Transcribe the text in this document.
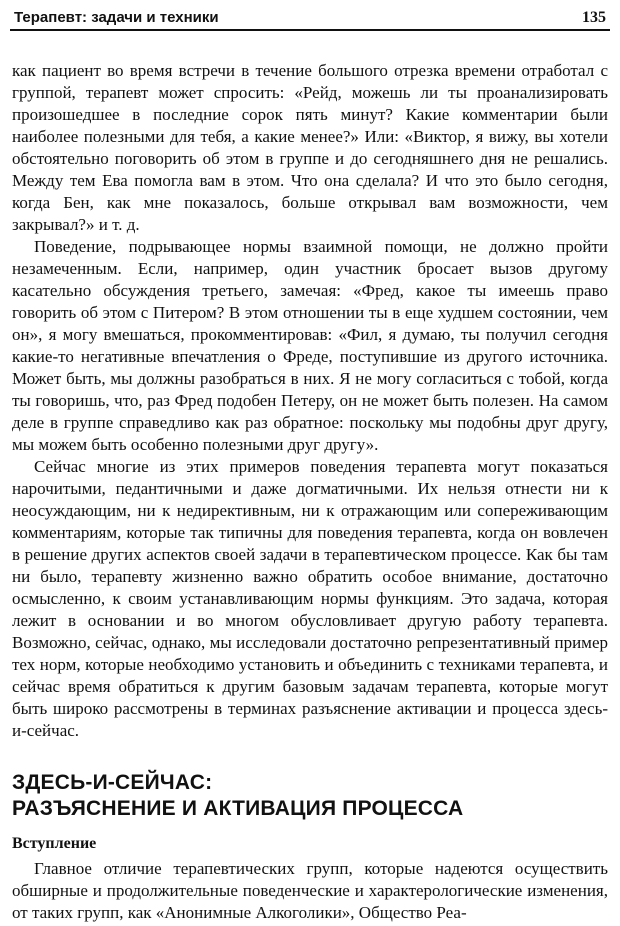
Терапевт: задачи и техники	135

как пациент во время встречи в течение большого отрезка времени отработал с группой, терапевт может спросить: «Рейд, можешь ли ты проанализировать произошедшее в последние сорок пять минут? Какие комментарии были наиболее полезными для тебя, а какие менее?» Или: «Виктор, я вижу, вы хотели обстоятельно поговорить об этом в группе и до сегодняшнего дня не решались. Между тем Ева помогла вам в этом. Что она сделала? И что это было сегодня, когда Бен, как мне показалось, больше открывал вам возможности, чем закрывал?» и т. д.

Поведение, подрывающее нормы взаимной помощи, не должно пройти незамеченным. Если, например, один участник бросает вызов другому касательно обсуждения третьего, замечая: «Фред, какое ты имеешь право говорить об этом с Питером? В этом отношении ты в еще худшем состоянии, чем он», я могу вмешаться, прокомментировав: «Фил, я думаю, ты получил сегодня какие-то негативные впечатления о Фреде, поступившие из другого источника. Может быть, мы должны разобраться в них. Я не могу согласиться с тобой, когда ты говоришь, что, раз Фред подобен Петеру, он не может быть полезен. На самом деле в группе справедливо как раз обратное: поскольку мы подобны друг другу, мы можем быть особенно полезными друг другу».

Сейчас многие из этих примеров поведения терапевта могут показаться нарочитыми, педантичными и даже догматичными. Их нельзя отнести ни к неосуждающим, ни к недирективным, ни к отражающим или сопереживающим комментариям, которые так типичны для поведения терапевта, когда он вовлечен в решение других аспектов своей задачи в терапевтическом процессе. Как бы там ни было, терапевту жизненно важно обратить особое внимание, достаточно осмысленно, к своим устанавливающим нормы функциям. Это задача, которая лежит в основании и во многом обусловливает другую работу терапевта. Возможно, сейчас, однако, мы исследовали достаточно репрезентативный пример тех норм, которые необходимо установить и объединить с техниками терапевта, и сейчас время обратиться к другим базовым задачам терапевта, которые могут быть широко рассмотрены в терминах разъяснение активации и процесса здесь-и-сейчас.

ЗДЕСЬ-И-СЕЙЧАС:
РАЗЪЯСНЕНИЕ И АКТИВАЦИЯ ПРОЦЕССА
Вступление

Главное отличие терапевтических групп, которые надеются осуществить обширные и продолжительные поведенческие и характерологические изменения, от таких групп, как «Анонимные Алкоголики», Общество Реа-
